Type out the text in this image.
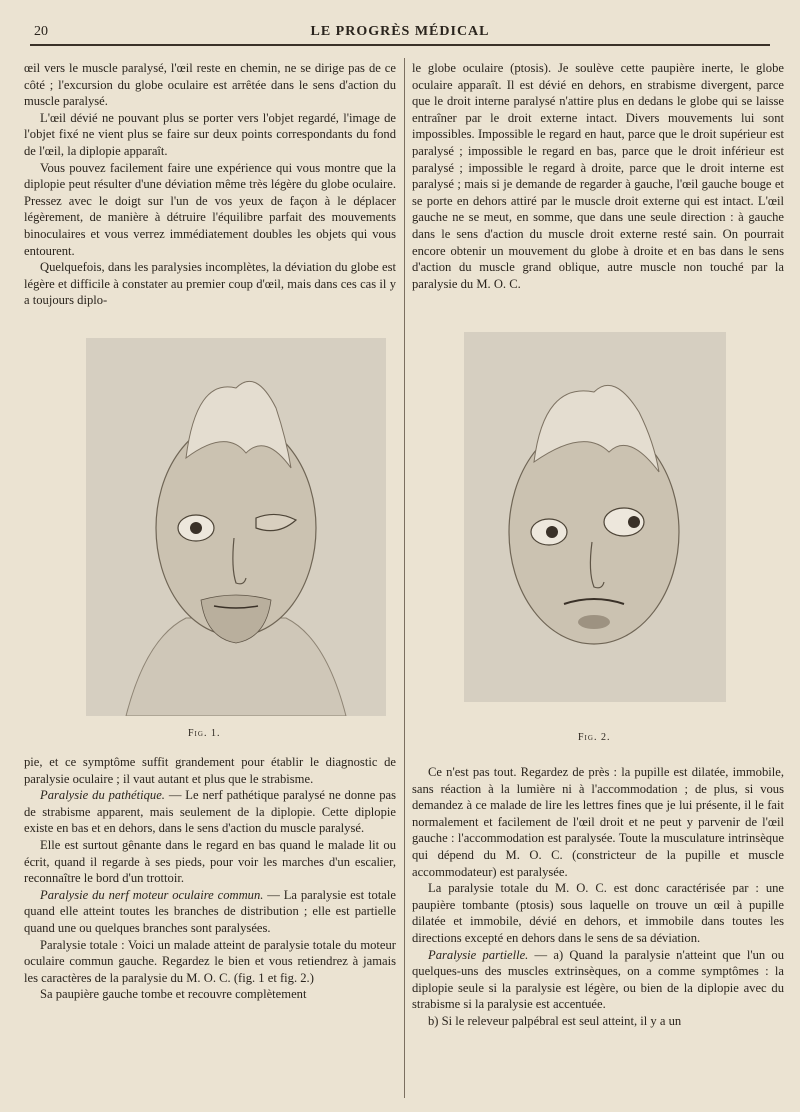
20	LE PROGRÈS MÉDICAL

œil vers le muscle paralysé, l'œil reste en chemin, ne se dirige pas de ce côté ; l'excursion du globe oculaire est arrêtée dans le sens d'action du muscle paralysé.

L'œil dévié ne pouvant plus se porter vers l'objet regardé, l'image de l'objet fixé ne vient plus se faire sur deux points correspondants du fond de l'œil, la diplopie apparaît.

Vous pouvez facilement faire une expérience qui vous montre que la diplopie peut résulter d'une déviation même très légère du globe oculaire. Pressez avec le doigt sur l'un de vos yeux de façon à le déplacer légèrement, de manière à détruire l'équilibre parfait des mouvements binoculaires et vous verrez immédiatement doubles les objets qui vous entourent.

Quelquefois, dans les paralysies incomplètes, la déviation du globe est légère et difficile à constater au premier coup d'œil, mais dans ces cas il y a toujours diplo-

le globe oculaire (ptosis). Je soulève cette paupière inerte, le globe oculaire apparaît. Il est dévié en dehors, en strabisme divergent, parce que le droit interne paralysé n'attire plus en dedans le globe qui se laisse entraîner par le droit externe intact. Divers mouvements lui sont impossibles. Impossible le regard en haut, parce que le droit supérieur est paralysé ; impossible le regard en bas, parce que le droit inférieur est paralysé ; impossible le regard à droite, parce que le droit interne est paralysé ; mais si je demande de regarder à gauche, l'œil gauche bouge et se porte en dehors attiré par le muscle droit externe qui est intact. L'œil gauche ne se meut, en somme, que dans une seule direction : à gauche dans le sens d'action du muscle droit externe resté sain. On pourrait encore obtenir un mouvement du globe à droite et en bas dans le sens d'action du muscle grand oblique, autre muscle non touché par la paralysie du M. O. C.

Fig. 1.	Fig. 2.

pie, et ce symptôme suffit grandement pour établir le diagnostic de paralysie oculaire ; il vaut autant et plus que le strabisme.

Paralysie du pathétique. — Le nerf pathétique paralysé ne donne pas de strabisme apparent, mais seulement de la diplopie. Cette diplopie existe en bas et en dehors, dans le sens d'action du muscle paralysé.

Elle est surtout gênante dans le regard en bas quand le malade lit ou écrit, quand il regarde à ses pieds, pour voir les marches d'un escalier, reconnaître le bord d'un trottoir.

Paralysie du nerf moteur oculaire commun. — La paralysie est totale quand elle atteint toutes les branches de distribution ; elle est partielle quand une ou quelques branches sont paralysées.

Paralysie totale : Voici un malade atteint de paralysie totale du moteur oculaire commun gauche. Regardez le bien et vous retiendrez à jamais les caractères de la paralysie du M. O. C. (fig. 1 et fig. 2.)

Sa paupière gauche tombe et recouvre complètement

Ce n'est pas tout. Regardez de près : la pupille est dilatée, immobile, sans réaction à la lumière ni à l'accommodation ; de plus, si vous demandez à ce malade de lire les lettres fines que je lui présente, il le fait normalement et facilement de l'œil droit et ne peut y parvenir de l'œil gauche : l'accommodation est paralysée. Toute la musculature intrinsèque qui dépend du M. O. C. (constricteur de la pupille et muscle accommodateur) est paralysée.

La paralysie totale du M. O. C. est donc caractérisée par : une paupière tombante (ptosis) sous laquelle on trouve un œil à pupille dilatée et immobile, dévié en dehors, et immobile dans toutes les directions excepté en dehors dans le sens de sa déviation.

Paralysie partielle. — a) Quand la paralysie n'atteint que l'un ou quelques-uns des muscles extrinsèques, on a comme symptômes : la diplopie seule si la paralysie est légère, ou bien de la diplopie avec du strabisme si la paralysie est accentuée.

b) Si le releveur palpébral est seul atteint, il y a un
